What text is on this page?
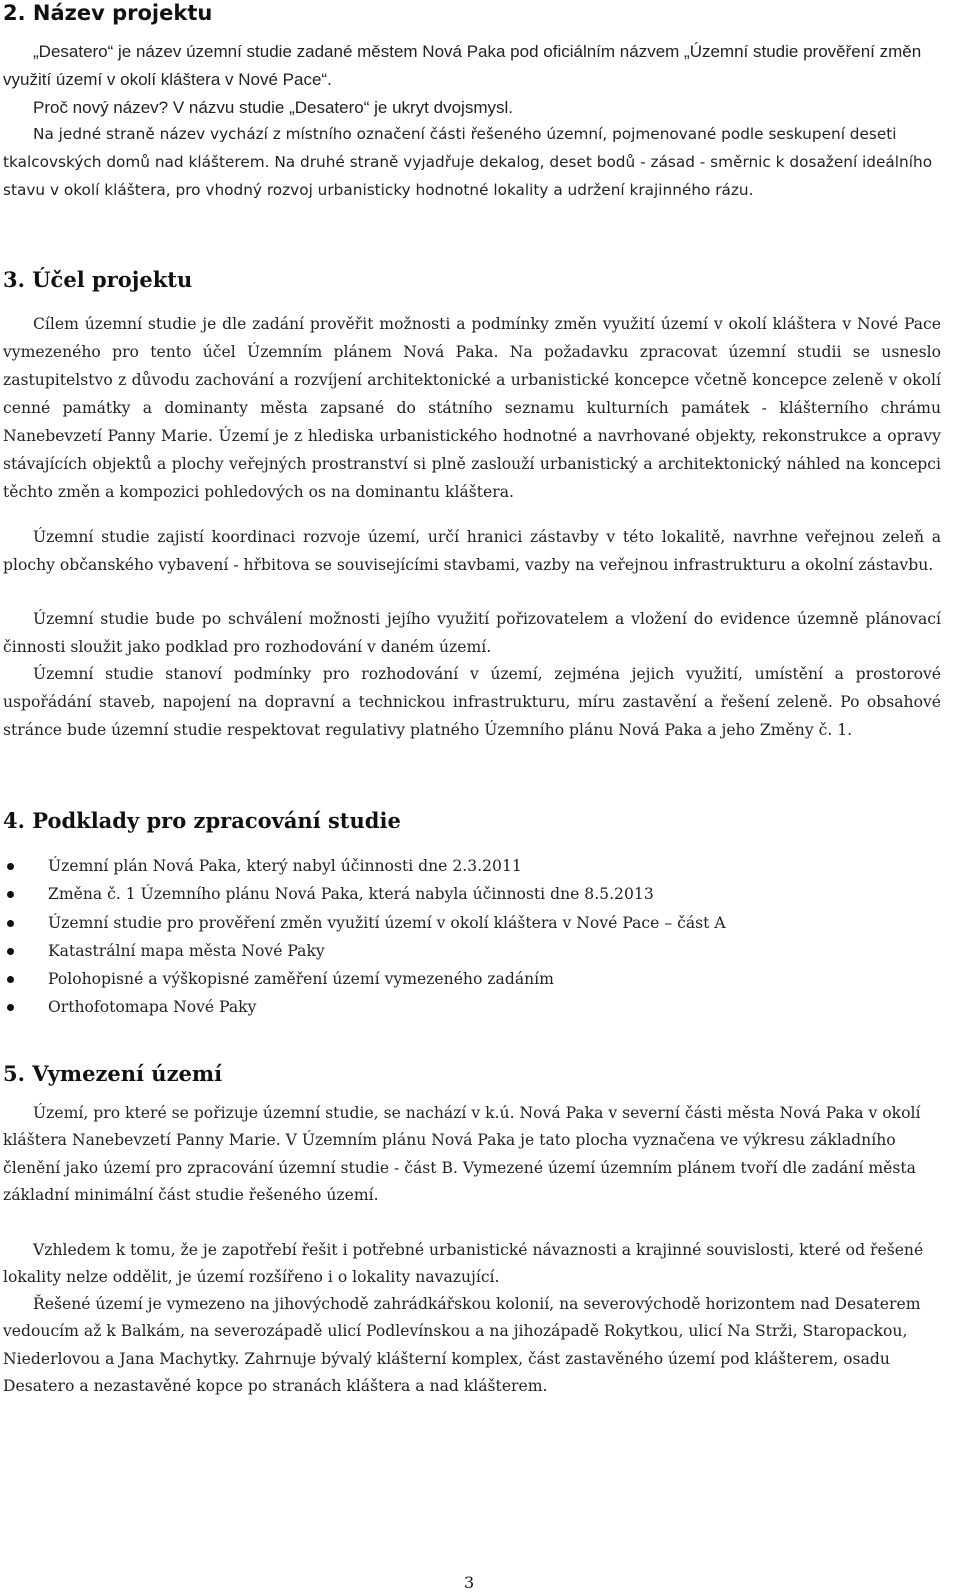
2. Název projektu

„Desatero“ je název územní studie zadané městem Nová Paka pod oficiálním názvem „Územní studie prověření změn využití území v okolí kláštera v Nové Pace“.

Proč nový název? V názvu studie „Desatero“ je ukryt dvojsmysl.

Na jedné straně název vychází z místního označení části řešeného územní, pojmenované podle seskupení deseti tkalcovských domů nad klášterem. Na druhé straně vyjadřuje dekalog, deset bodů - zásad - směrnic k dosažení ideálního stavu v okolí kláštera, pro vhodný rozvoj urbanisticky hodnotné lokality a udržení krajinného rázu.

3. Účel projektu

Cílem územní studie je dle zadání prověřit možnosti a podmínky změn využití území v okolí kláštera v Nové Pace vymezeného pro tento účel Územním plánem Nová Paka. Na požadavku zpracovat územní studii se usneslo zastupitelstvo z důvodu zachování a rozvíjení architektonické a urbanistické koncepce včetně koncepce zeleně v okolí cenné památky a dominanty města zapsané do státního seznamu kulturních památek - klášterního chrámu Nanebevzetí Panny Marie. Území je z hlediska urbanistického hodnotné a navrhované objekty, rekonstrukce a opravy stávajících objektů a plochy veřejných prostranství si plně zaslouží urbanistický a architektonický náhled na koncepci těchto změn a kompozici pohledových os na dominantu kláštera.

Územní studie zajistí koordinaci rozvoje území, určí hranici zástavby v této lokalitě, navrhne veřejnou zeleň a plochy občanského vybavení - hřbitova se souvisejícími stavbami, vazby na veřejnou infrastrukturu a okolní zástavbu.

Územní studie bude po schválení možnosti jejího využití pořizovatelem a vložení do evidence územně plánovací činnosti sloužit jako podklad pro rozhodování v daném území.

Územní studie stanoví podmínky pro rozhodování v území, zejména jejich využití, umístění a prostorové uspořádání staveb, napojení na dopravní a technickou infrastrukturu, míru zastavění a řešení zeleně. Po obsahové stránce bude územní studie respektovat regulativy platného Územního plánu Nová Paka a jeho Změny č. 1.

4. Podklady pro zpracování studie
Územní plán Nová Paka, který nabyl účinnosti dne 2.3.2011
Změna č. 1 Územního plánu Nová Paka, která nabyla účinnosti dne 8.5.2013
Územní studie pro prověření změn využití území v okolí kláštera v Nové Pace – část A
Katastrální mapa města Nové Paky
Polohopisné a výškopisné zaměření území vymezeného zadáním
Orthofotomapa Nové Paky
5. Vymezení území

Území, pro které se pořizuje územní studie, se nachází v k.ú. Nová Paka v severní části města Nová Paka v okolí kláštera Nanebevzetí Panny Marie. V Územním plánu Nová Paka je tato plocha vyznačena ve výkresu základního členění jako území pro zpracování územní studie - část B. Vymezené území územním plánem tvoří dle zadání města základní minimální část studie řešeného území.

Vzhledem k tomu, že je zapotřebí řešit i potřebné urbanistické návaznosti a krajinné souvislosti, které od řešené lokality nelze oddělit, je území rozšířeno i o lokality navazující.

Řešené území je vymezeno na jihovýchodě zahrádkářskou kolonií, na severovýchodě horizontem nad Desaterem vedoucím až k Balkám, na severozápadě ulicí Podlevínskou a na jihozápadě Rokytkou, ulicí Na Strži, Staropackou, Niederlovou a Jana Machytky. Zahrnuje bývalý klášterní komplex, část zastavěného území pod klášterem, osadu Desatero a nezastavěné kopce po stranách kláštera a nad klášterem.

3
